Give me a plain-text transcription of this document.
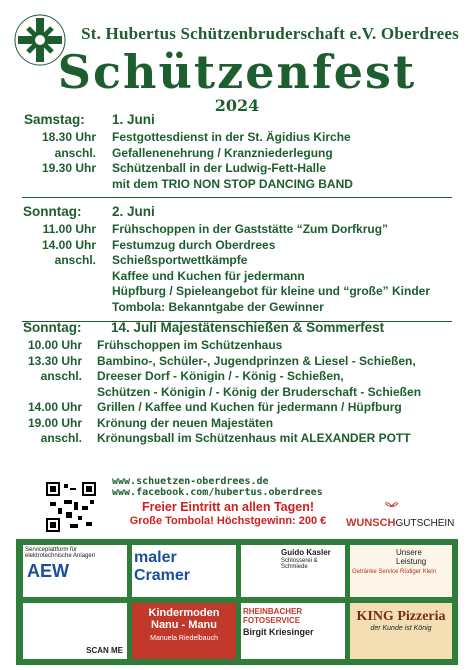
St. Hubertus Schützenbruderschaft e.V. Oberdrees
Schützenfest
2024
Samstag: 1. Juni
18.30 Uhr Festgottesdienst in der St. Ägidius Kirche
anschl. Gefallenenehrung / Kranzniederlegung
19.30 Uhr Schützenball in der Ludwig-Fett-Halle
mit dem TRIO NON STOP DANCING BAND
Sonntag: 2. Juni
11.00 Uhr Frühschoppen in der Gaststätte “Zum Dorfkrug”
14.00 Uhr Festumzug durch Oberdrees
anschl. Schießsportwettkämpfe
Kaffee und Kuchen für jedermann
Hüpfburg / Spieleangebot für kleine und “große” Kinder
Tombola: Bekanntgabe der Gewinner
Sonntag: 14. Juli Majestätenschießen & Sommerfest
10.00 Uhr Frühschoppen im Schützenhaus
13.30 Uhr Bambino-, Schüler-, Jugendprinzen & Liesel - Schießen,
anschl. Dreeser Dorf - Königin / - König - Schießen,
Schützen - Königin / - König der Bruderschaft - Schießen
14.00 Uhr Grillen / Kaffee und Kuchen für jedermann / Hüpfburg
19.00 Uhr Krönung der neuen Majestäten
anschl. Krönungsball im Schützenhaus mit ALEXANDER POTT
www.schuetzen-oberdrees.de
www.facebook.com/hubertus.oberdrees
Freier Eintritt an allen Tagen!
Große Tombola! Höchstgewinn: 200 €	WUNSCHGUTSCHEIN
Serviceplattform für elektrotechnische Anlagen
AEW
maler Cramer
Guido Kasler
Schlosserei & Schmiede
Unsere Leistung
Getränke Service Rüdiger Klein
SCAN ME
Kindermoden Nanu - Manu
Manuela Riedelbauch
RHEINBACHER FOTOSERVICE
Birgit Kriesinger
KING Pizzeria
der Kunde ist König
